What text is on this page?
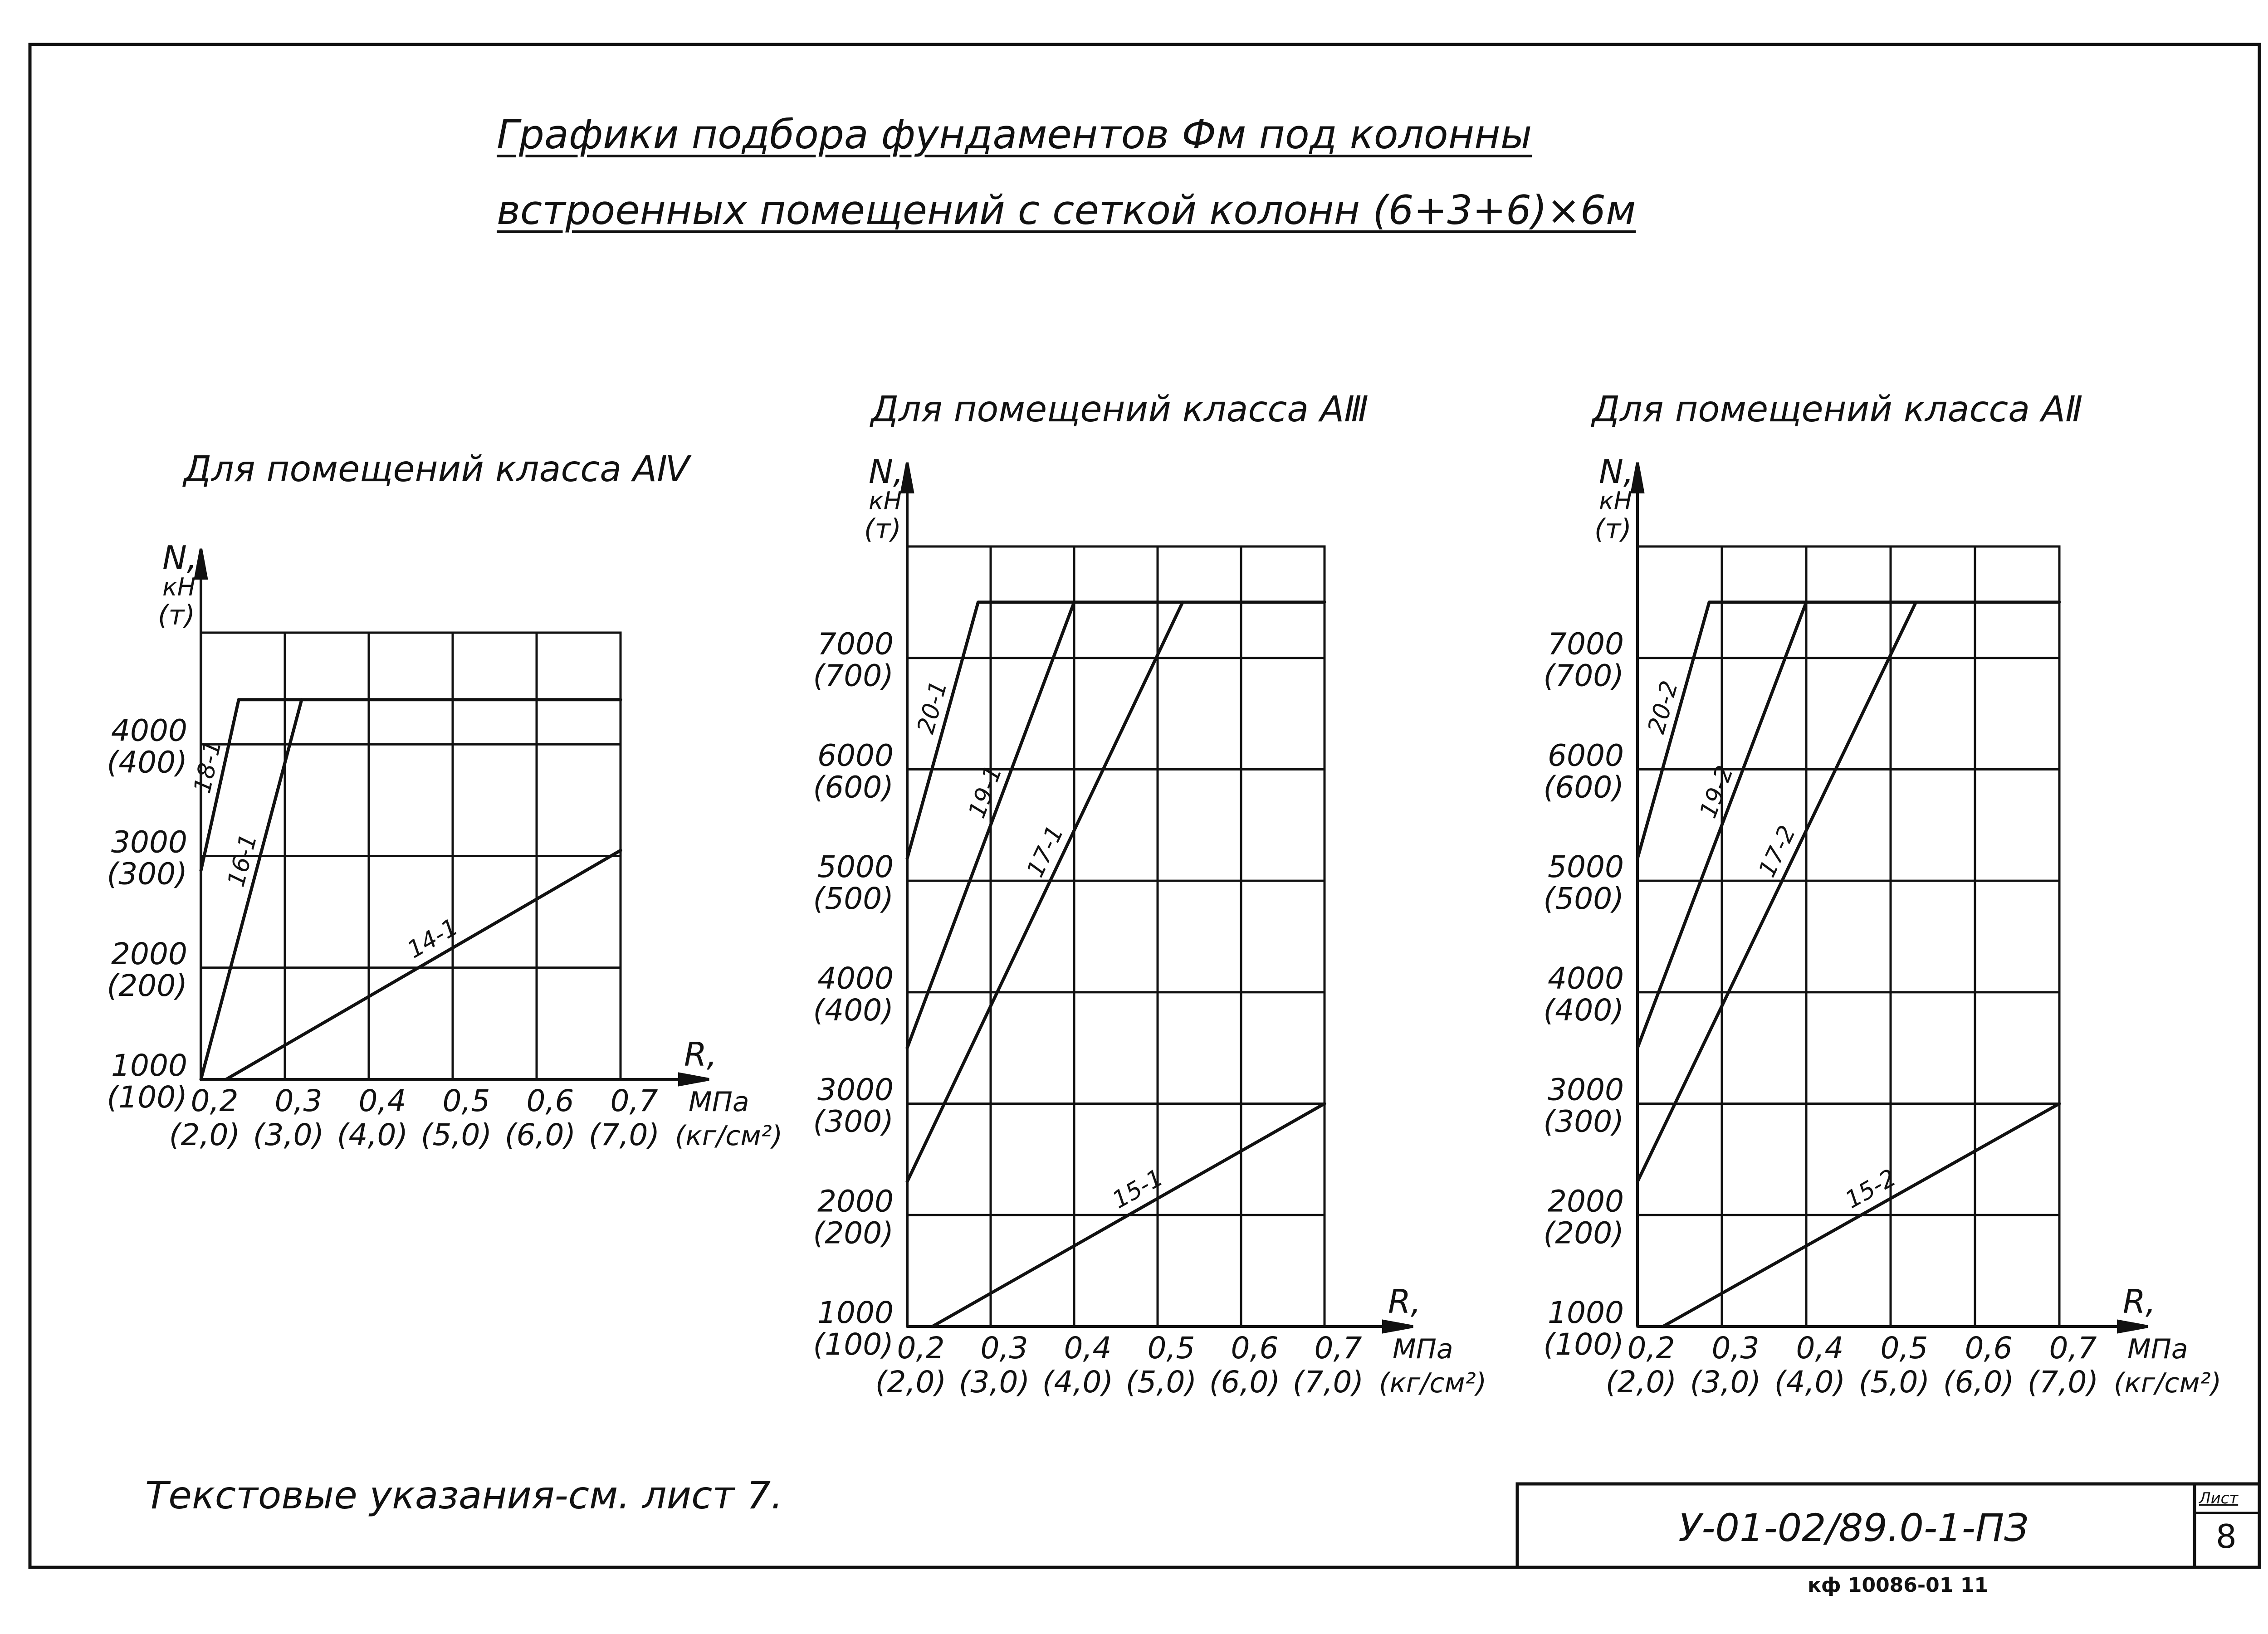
18-1
16-1
14-1
1000
(100)
2000
(200)
3000
(300)
4000
(400)
0,2
(2,0)
0,3
(3,0)
0,4
(4,0)
0,5
(5,0)
0,6
(6,0)
0,7
(7,0)
N,
кН
(т)
R,
МПа
(кг/см²)
20-1
19-1
17-1
15-1
1000
(100)
2000
(200)
3000
(300)
4000
(400)
5000
(500)
6000
(600)
7000
(700)
0,2
(2,0)
0,3
(3,0)
0,4
(4,0)
0,5
(5,0)
0,6
(6,0)
0,7
(7,0)
N,
кН
(т)
R,
МПа
(кг/см²)
20-2
19-2
17-2
15-2
1000
(100)
2000
(200)
3000
(300)
4000
(400)
5000
(500)
6000
(600)
7000
(700)
0,2
(2,0)
0,3
(3,0)
0,4
(4,0)
0,5
(5,0)
0,6
(6,0)
0,7
(7,0)
N,
кН
(т)
R,
МПа
(кг/см²)
Графики подбора фундаментов Фм под колонны
встроенных помещений с сеткой колонн (6+3+6)×6м
Для помещений класса АⅣ
Для помещений класса АⅢ	Для помещений класса АⅡ
Текстовые указания-см. лист 7.
У-01-02/89.0-1-ПЗ
Лист
8
кф 10086-01 11
